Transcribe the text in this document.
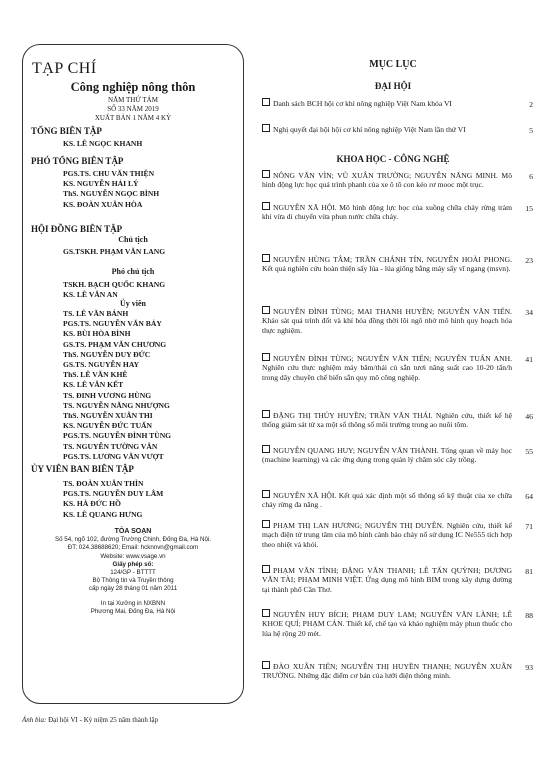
TẠP CHÍ
Công nghiệp nông thôn
NĂM THỨ TÁM
SỐ 33 NĂM 2019
XUẤT BẢN 1 NĂM 4 KỲ
TỔNG BIÊN TẬP
KS. LÊ NGỌC KHANH
PHÓ TỔNG BIÊN TẬP
PGS.TS. CHU VĂN THIỆN
KS. NGUYỄN HẢI LÝ
ThS. NGUYỄN NGỌC BÌNH
KS. ĐOÀN XUÂN HÒA
HỘI ĐỒNG BIÊN TẬP
Chủ tịch
GS.TSKH. PHẠM VĂN LANG
Phó chủ tịch
TSKH. BẠCH QUỐC KHANG
KS. LÊ VĂN AN
Ủy viên
TS. LÊ VĂN BÁNH
PGS.TS. NGUYỄN VĂN BẢY
KS. BÙI HÒA BÌNH
GS.TS. PHẠM VĂN CHƯƠNG
ThS. NGUYỄN DUY ĐỨC
GS.TS. NGUYỄN HAY
ThS. LÊ VĂN KHÊ
KS. LÊ VĂN KẾT
TS. ĐINH VƯƠNG HÙNG
TS. NGUYỄN NĂNG NHƯỢNG
ThS. NGUYỄN XUÂN THI
KS. NGUYỄN ĐỨC TUẤN
PGS.TS. NGUYỄN ĐÌNH TÙNG
TS. NGUYỄN TƯỜNG VÂN
PGS.TS. LƯƠNG VĂN VƯỢT
ỦY VIÊN BAN BIÊN TẬP
TS. ĐOÀN XUÂN THÌN
PGS.TS. NGUYỄN DUY LÂM
KS. HÀ ĐỨC HỒ
KS. LÊ QUANG HƯNG
TÒA SOẠN
Số 54, ngõ 102, đường Trường Chinh, Đống Đa, Hà Nội.
ĐT: 024.38688620; Email: hcknnvn@gmail.com
Website: www.vsage.vn
Giấy phép số:
124/GP - BTTTT
Bộ Thông tin và Truyền thông
cấp ngày 28 tháng 01 năm 2011
In tại Xưởng in NXBNN
Phương Mai, Đống Đa, Hà Nội
Ảnh bìa: Đại hội VI - Kỷ niệm 25 năm thành lập
MỤC LỤC
ĐẠI HỘI
Danh sách BCH hội cơ khí nông nghiệp Việt Nam khóa VI	2
Nghị quyết đại hội hội cơ khí nông nghiệp Việt Nam lần thứ VI	5
KHOA HỌC - CÔNG NGHỆ
NÔNG VĂN VÌN; VŨ XUÂN TRƯỜNG; NGUYỄN NĂNG MINH. Mô hình động lực học quá trình phanh của xe ô tô con kéo rơ mooc một trục.
6
NGUYỄN XÃ HỘI. Mô hình động lực học của xuồng chữa cháy rừng tràm khi vừa di chuyển vừa phun nước chữa cháy.
15
NGUYỄN HÙNG TÂM; TRẦN CHÁNH TÍN, NGUYỄN HOÀI PHONG. Kết quả nghiên cứu hoàn thiện sấy lúa - lúa giống bằng máy sấy vĩ ngang (msvn).
23
NGUYỄN ĐÌNH TÙNG; MAI THANH HUYỀN; NGUYỄN VĂN TIẾN. Khảo sát quá trình đốt và khí hóa đồng thời lõi ngô nhờ mô hình quy hoạch hóa thực nghiệm.
34
NGUYỄN ĐÌNH TÙNG; NGUYỄN VĂN TIẾN; NGUYỄN TUẤN ANH. Nghiên cứu thực nghiệm máy băm/thái củ sắn tươi năng suất cao 10-20 tấn/h trong dây chuyền chế biến sắn quy mô công nghiệp.
41
ĐẶNG THỊ THÚY HUYỀN; TRẦN VĂN THÁI. Nghiên cứu, thiết kế hệ thống giám sát từ xa một số thông số môi trường trong ao nuôi tôm.
46
NGUYỄN QUANG HUY; NGUYỄN VĂN THÀNH. Tổng quan về máy học (machine learning) và các ứng dụng trong quản lý chăm sóc cây trồng.
55
NGUYỄN XÃ HỘI. Kết quả xác định một số thông số kỹ thuật của xe chữa cháy rừng đa năng .
64
PHẠM THỊ LAN HƯƠNG; NGUYỄN THỊ DUYÊN. Nghiên cứu, thiết kế mạch điện tử trung tâm của mô hình cảnh báo cháy nổ sử dụng IC Ne555 tích hợp theo nhiệt và khói.
71
PHẠM VĂN TÌNH; ĐẶNG VĂN THANH; LÊ TẤN QUỲNH; DƯƠNG VĂN TÀI; PHẠM MINH VIỆT. Ứng dụng mô hình BIM trong xây dựng đường tại thành phố Cần Thơ.
81
NGUYỄN HUY BÍCH; PHẠM DUY LAM; NGUYỄN VĂN LÀNH; LÊ KHOE QUÍ; PHẠM CẢN. Thiết kế, chế tạo và khảo nghiệm máy phun thuốc cho lúa hệ rộng 20 mét.
88
ĐÀO XUÂN TIẾN; NGUYỄN THỊ HUYỀN THANH; NGUYỄN XUÂN TRƯỜNG. Những đặc điểm cơ bản của lưới điện thông minh.
93
